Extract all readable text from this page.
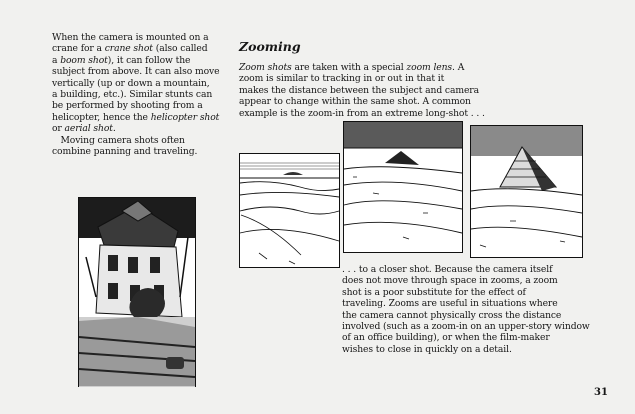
When the camera is mounted on a
crane for a crane shot (also called
a boom shot), it can follow the
subject from above. It can also move
vertically (up or down a mountain,
a building, etc.). Similar stunts can
be performed by shooting from a
helicopter, hence the helicopter shot
or aerial shot.

Moving camera shots often
combine panning and traveling.

Zooming

Zoom shots are taken with a special zoom lens. A
zoom is similar to tracking in or out in that it
makes the distance between the subject and camera
appear to change within the same shot. A common
example is the zoom-in from an extreme long-shot . . .

. . . to a closer shot. Because the camera itself
does not move through space in zooms, a zoom
shot is a poor substitute for the effect of
traveling. Zooms are useful in situations where
the camera cannot physically cross the distance
involved (such as a zoom-in on an upper-story window
of an office building), or when the film-maker
wishes to close in quickly on a detail.

31
